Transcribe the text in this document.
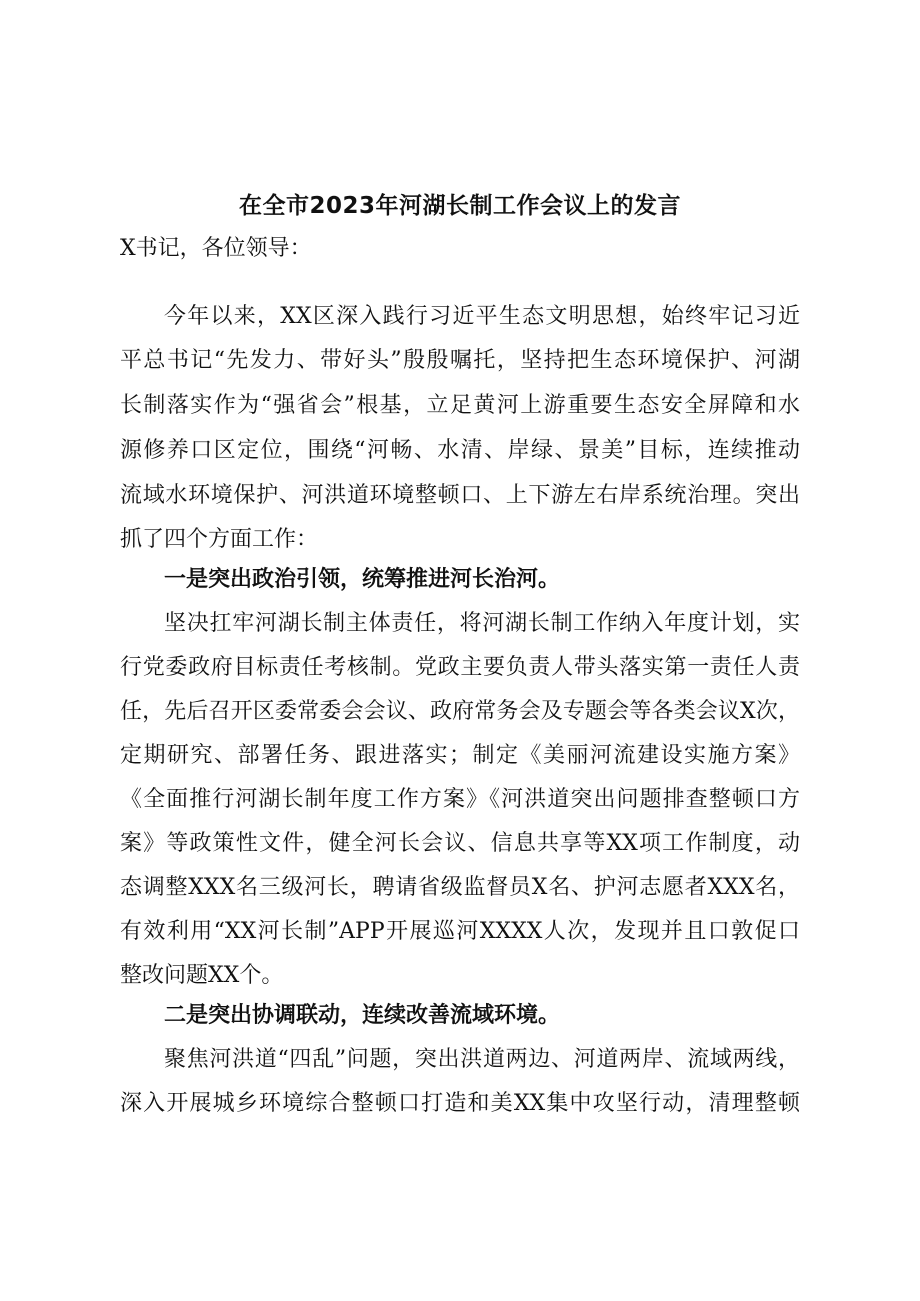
在全市2023年河湖长制工作会议上的发言

X书记，各位领导：

今年以来，XX区深入践行习近平生态文明思想，始终牢记习近

平总书记“先发力、带好头”殷殷嘱托，坚持把生态环境保护、河湖

长制落实作为“强省会”根基，立足黄河上游重要生态安全屏障和水

源修养口区定位，围绕“河畅、水清、岸绿、景美”目标，连续推动

流域水环境保护、河洪道环境整顿口、上下游左右岸系统治理。突出

抓了四个方面工作：

一是突出政治引领，统筹推进河长治河。

坚决扛牢河湖长制主体责任，将河湖长制工作纳入年度计划，实

行党委政府目标责任考核制。党政主要负责人带头落实第一责任人责

任，先后召开区委常委会会议、政府常务会及专题会等各类会议X次，

定期研究、部署任务、跟进落实；制定《美丽河流建设实施方案》

《全面推行河湖长制年度工作方案》《河洪道突出问题排查整顿口方

案》等政策性文件，健全河长会议、信息共享等XX项工作制度，动

态调整XXX名三级河长，聘请省级监督员X名、护河志愿者XXX名，

有效利用“XX河长制”APP开展巡河XXXX人次，发现并且口敦促口

整改问题XX个。

二是突出协调联动，连续改善流域环境。

聚焦河洪道“四乱”问题，突出洪道两边、河道两岸、流域两线，

深入开展城乡环境综合整顿口打造和美XX集中攻坚行动，清理整顿
